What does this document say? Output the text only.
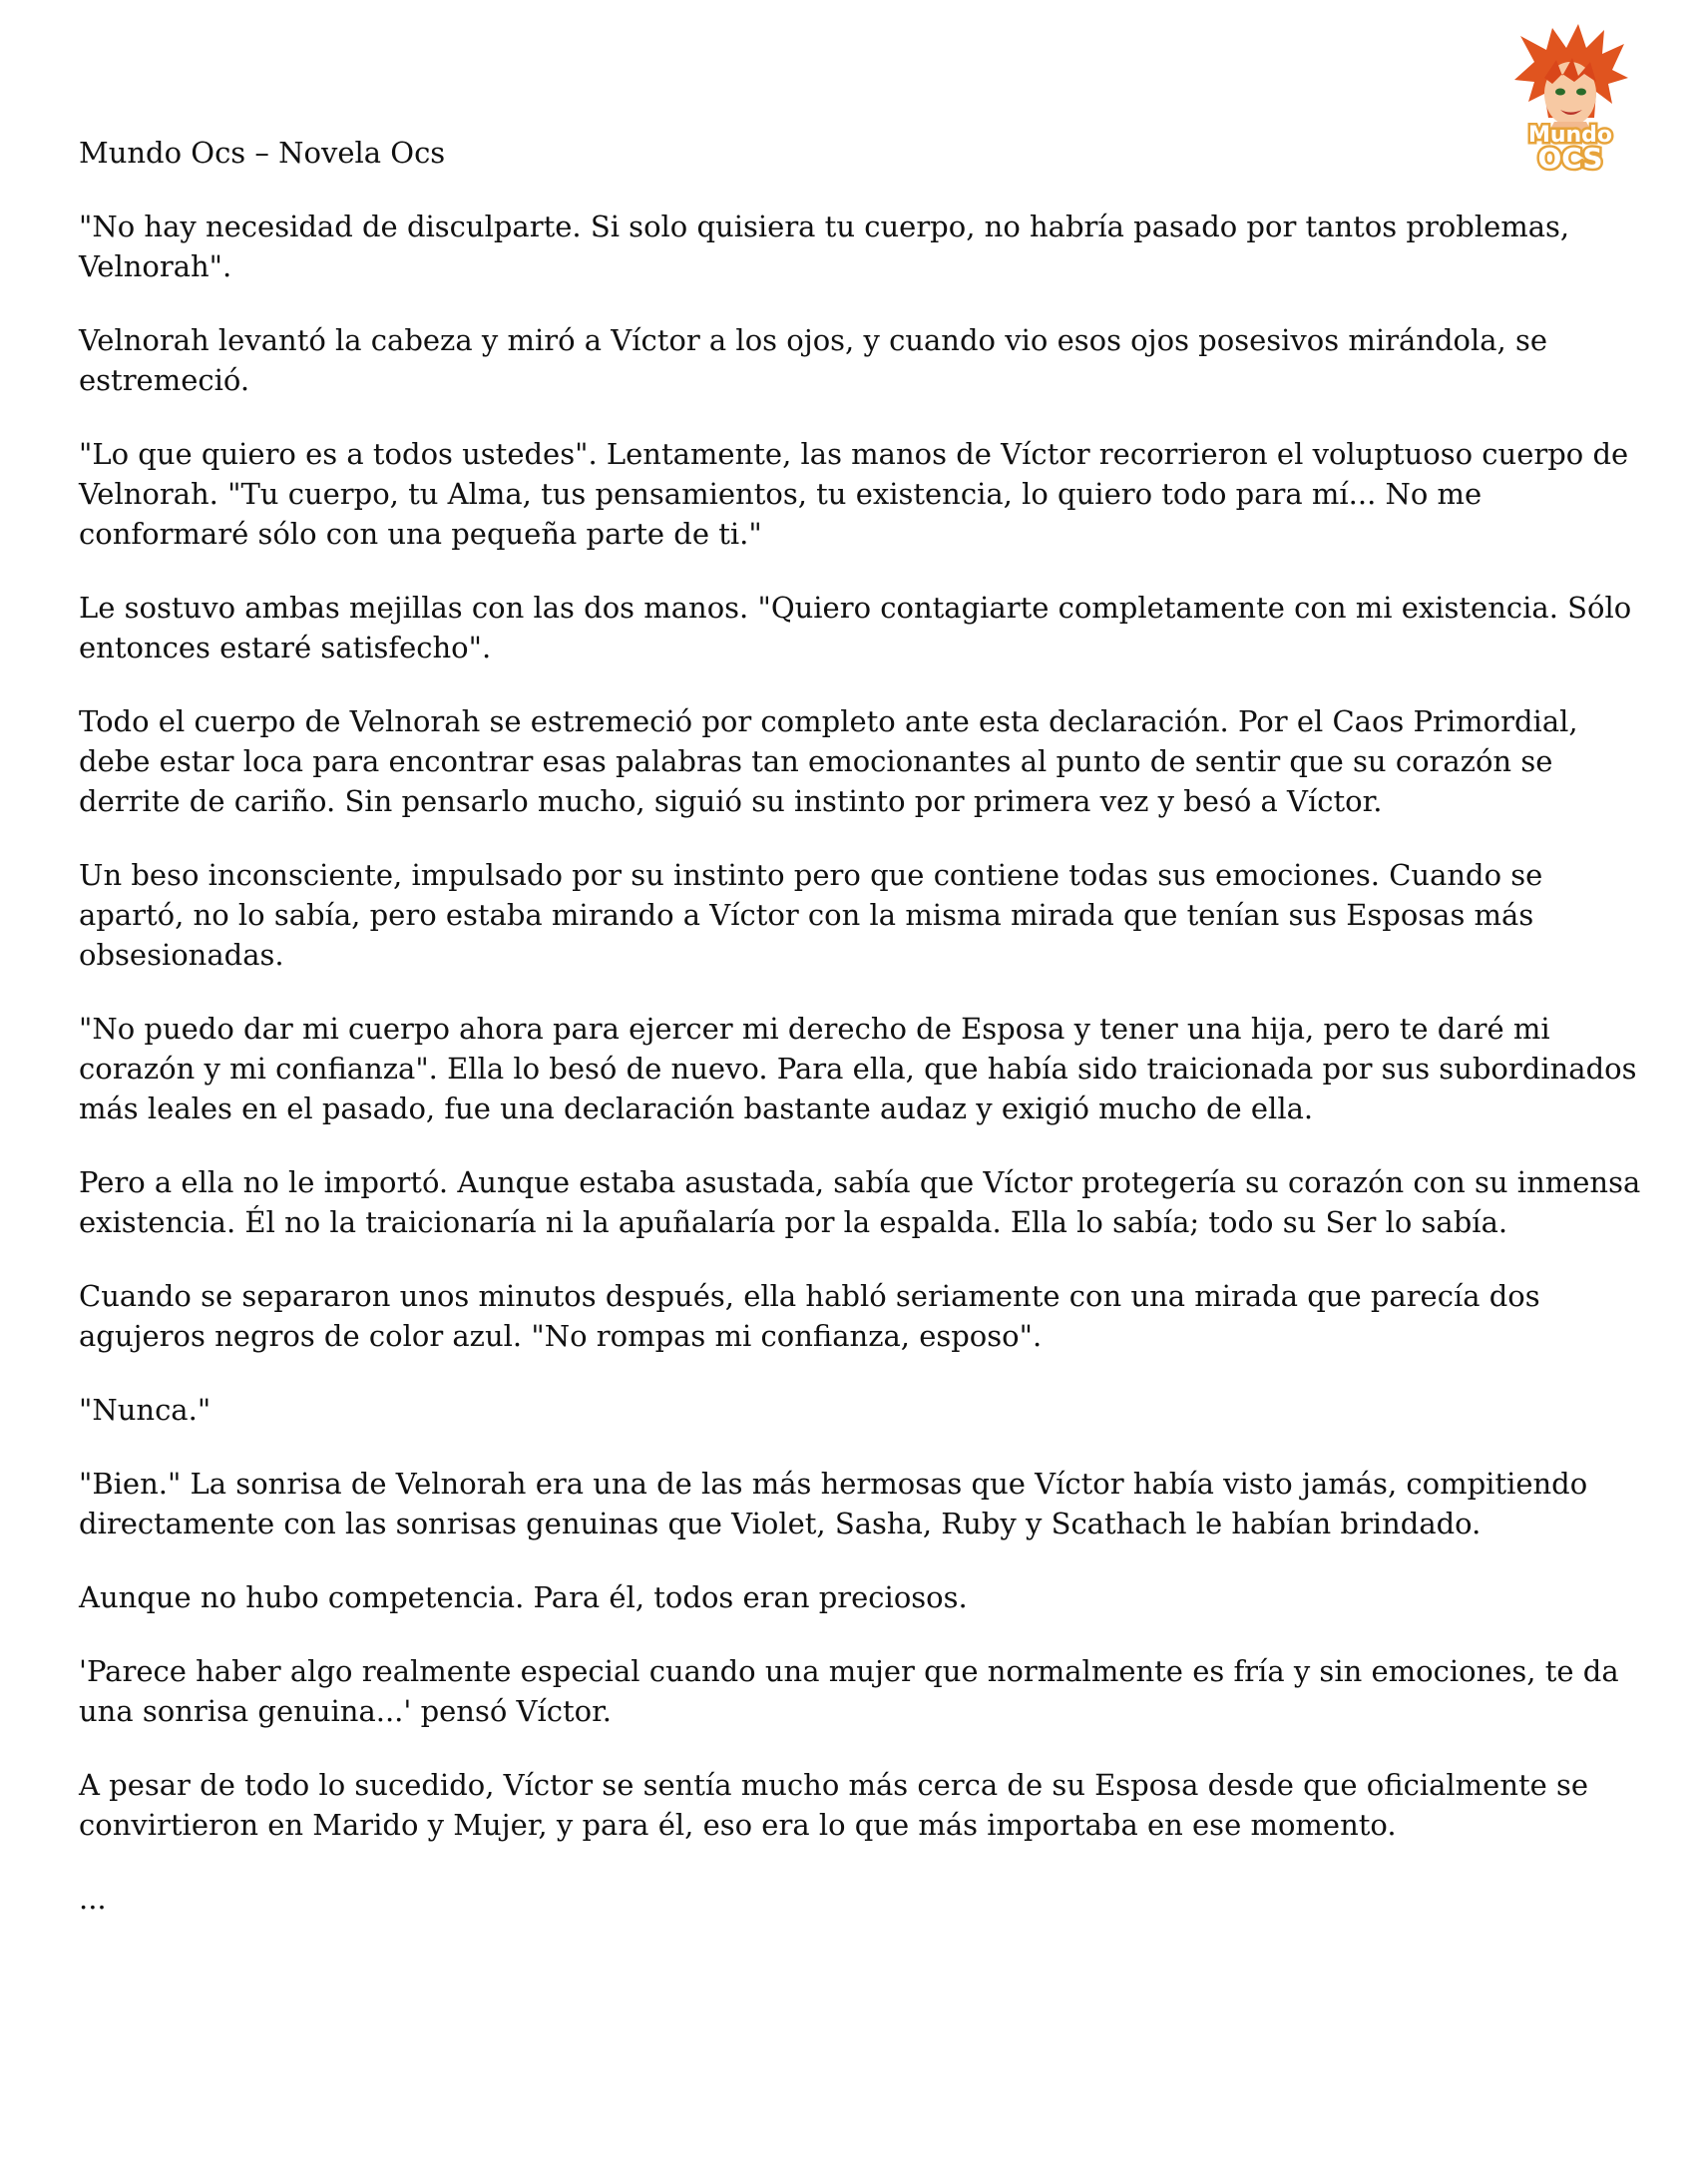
Mundo Ocs – Novela Ocs

Mundo
OCS

"No hay necesidad de disculparte. Si solo quisiera tu cuerpo, no habría pasado por tantos problemas, Velnorah".

Velnorah levantó la cabeza y miró a Víctor a los ojos, y cuando vio esos ojos posesivos mirándola, se estremeció.

"Lo que quiero es a todos ustedes". Lentamente, las manos de Víctor recorrieron el voluptuoso cuerpo de Velnorah. "Tu cuerpo, tu Alma, tus pensamientos, tu existencia, lo quiero todo para mí... No me conformaré sólo con una pequeña parte de ti."

Le sostuvo ambas mejillas con las dos manos. "Quiero contagiarte completamente con mi existencia. Sólo entonces estaré satisfecho".

Todo el cuerpo de Velnorah se estremeció por completo ante esta declaración. Por el Caos Primordial, debe estar loca para encontrar esas palabras tan emocionantes al punto de sentir que su corazón se derrite de cariño. Sin pensarlo mucho, siguió su instinto por primera vez y besó a Víctor.

Un beso inconsciente, impulsado por su instinto pero que contiene todas sus emociones. Cuando se apartó, no lo sabía, pero estaba mirando a Víctor con la misma mirada que tenían sus Esposas más obsesionadas.

"No puedo dar mi cuerpo ahora para ejercer mi derecho de Esposa y tener una hija, pero te daré mi corazón y mi confianza". Ella lo besó de nuevo. Para ella, que había sido traicionada por sus subordinados más leales en el pasado, fue una declaración bastante audaz y exigió mucho de ella.

Pero a ella no le importó. Aunque estaba asustada, sabía que Víctor protegería su corazón con su inmensa existencia. Él no la traicionaría ni la apuñalaría por la espalda. Ella lo sabía; todo su Ser lo sabía.

Cuando se separaron unos minutos después, ella habló seriamente con una mirada que parecía dos agujeros negros de color azul. "No rompas mi confianza, esposo".

"Nunca."

"Bien." La sonrisa de Velnorah era una de las más hermosas que Víctor había visto jamás, compitiendo directamente con las sonrisas genuinas que Violet, Sasha, Ruby y Scathach le habían brindado.

Aunque no hubo competencia. Para él, todos eran preciosos.

'Parece haber algo realmente especial cuando una mujer que normalmente es fría y sin emociones, te da una sonrisa genuina...' pensó Víctor.

A pesar de todo lo sucedido, Víctor se sentía mucho más cerca de su Esposa desde que oficialmente se convirtieron en Marido y Mujer, y para él, eso era lo que más importaba en ese momento.

...
